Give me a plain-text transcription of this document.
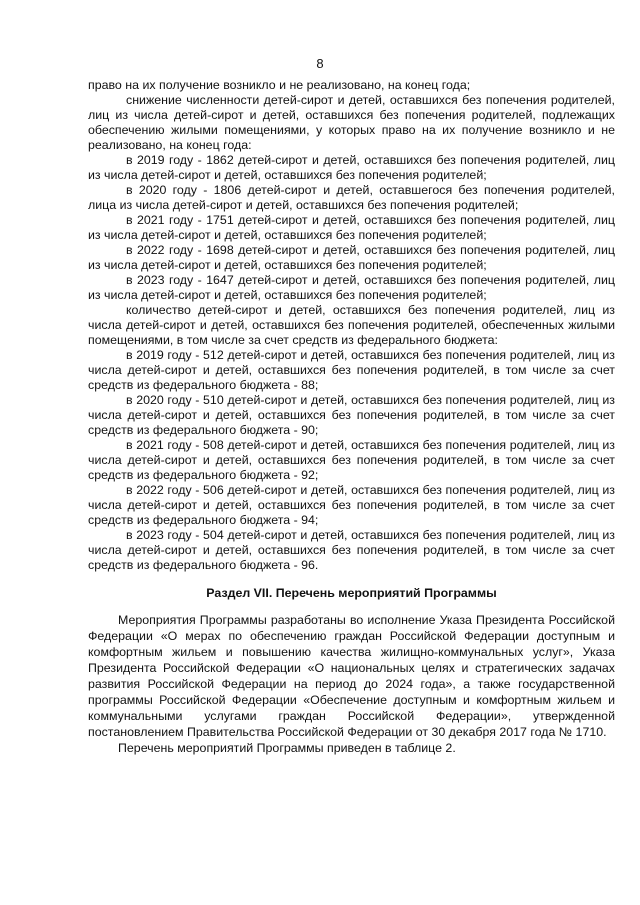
8

право на их получение возникло и не реализовано, на конец года;

снижение численности детей-сирот и детей, оставшихся без попечения родителей, лиц из числа детей-сирот и детей, оставшихся без попечения родителей, подлежащих обеспечению жилыми помещениями, у которых право на их получение возникло и не реализовано, на конец года:

в 2019 году - 1862 детей-сирот и детей, оставшихся без попечения родителей, лиц из числа детей-сирот и детей, оставшихся без попечения родителей;

в 2020 году - 1806 детей-сирот и детей, оставшегося без попечения родителей, лица из числа детей-сирот и детей, оставшихся без попечения родителей;

в 2021 году - 1751 детей-сирот и детей, оставшихся без попечения родителей, лиц из числа детей-сирот и детей, оставшихся без попечения родителей;

в 2022 году - 1698 детей-сирот и детей, оставшихся без попечения родителей, лиц из числа детей-сирот и детей, оставшихся без попечения родителей;

в 2023 году - 1647 детей-сирот и детей, оставшихся без попечения родителей, лиц из числа детей-сирот и детей, оставшихся без попечения родителей;

количество детей-сирот и детей, оставшихся без попечения родителей, лиц из числа детей-сирот и детей, оставшихся без попечения родителей, обеспеченных жилыми помещениями, в том числе за счет средств из федерального бюджета:

в 2019 году - 512 детей-сирот и детей, оставшихся без попечения родителей, лиц из числа детей-сирот и детей, оставшихся без попечения родителей, в том числе за счет средств из федерального бюджета - 88;

в 2020 году - 510 детей-сирот и детей, оставшихся без попечения родителей, лиц из числа детей-сирот и детей, оставшихся без попечения родителей, в том числе за счет средств из федерального бюджета - 90;

в 2021 году - 508 детей-сирот и детей, оставшихся без попечения родителей, лиц из числа детей-сирот и детей, оставшихся без попечения родителей, в том числе за счет средств из федерального бюджета - 92;

в 2022 году - 506 детей-сирот и детей, оставшихся без попечения родителей, лиц из числа детей-сирот и детей, оставшихся без попечения родителей, в том числе за счет средств из федерального бюджета - 94;

в 2023 году - 504 детей-сирот и детей, оставшихся без попечения родителей, лиц из числа детей-сирот и детей, оставшихся без попечения родителей, в том числе за счет средств из федерального бюджета - 96.

Раздел VII. Перечень мероприятий Программы

Мероприятия Программы разработаны во исполнение Указа Президента Российской Федерации «О мерах по обеспечению граждан Российской Федерации доступным и комфортным жильем и повышению качества жилищно-коммунальных услуг», Указа Президента Российской Федерации «О национальных целях и стратегических задачах развития Российской Федерации на период до 2024 года», а также государственной программы Российской Федерации «Обеспечение доступным и комфортным жильем и коммунальными услугами граждан Российской Федерации», утвержденной постановлением Правительства Российской Федерации от 30 декабря 2017 года № 1710.

Перечень мероприятий Программы приведен в таблице 2.
